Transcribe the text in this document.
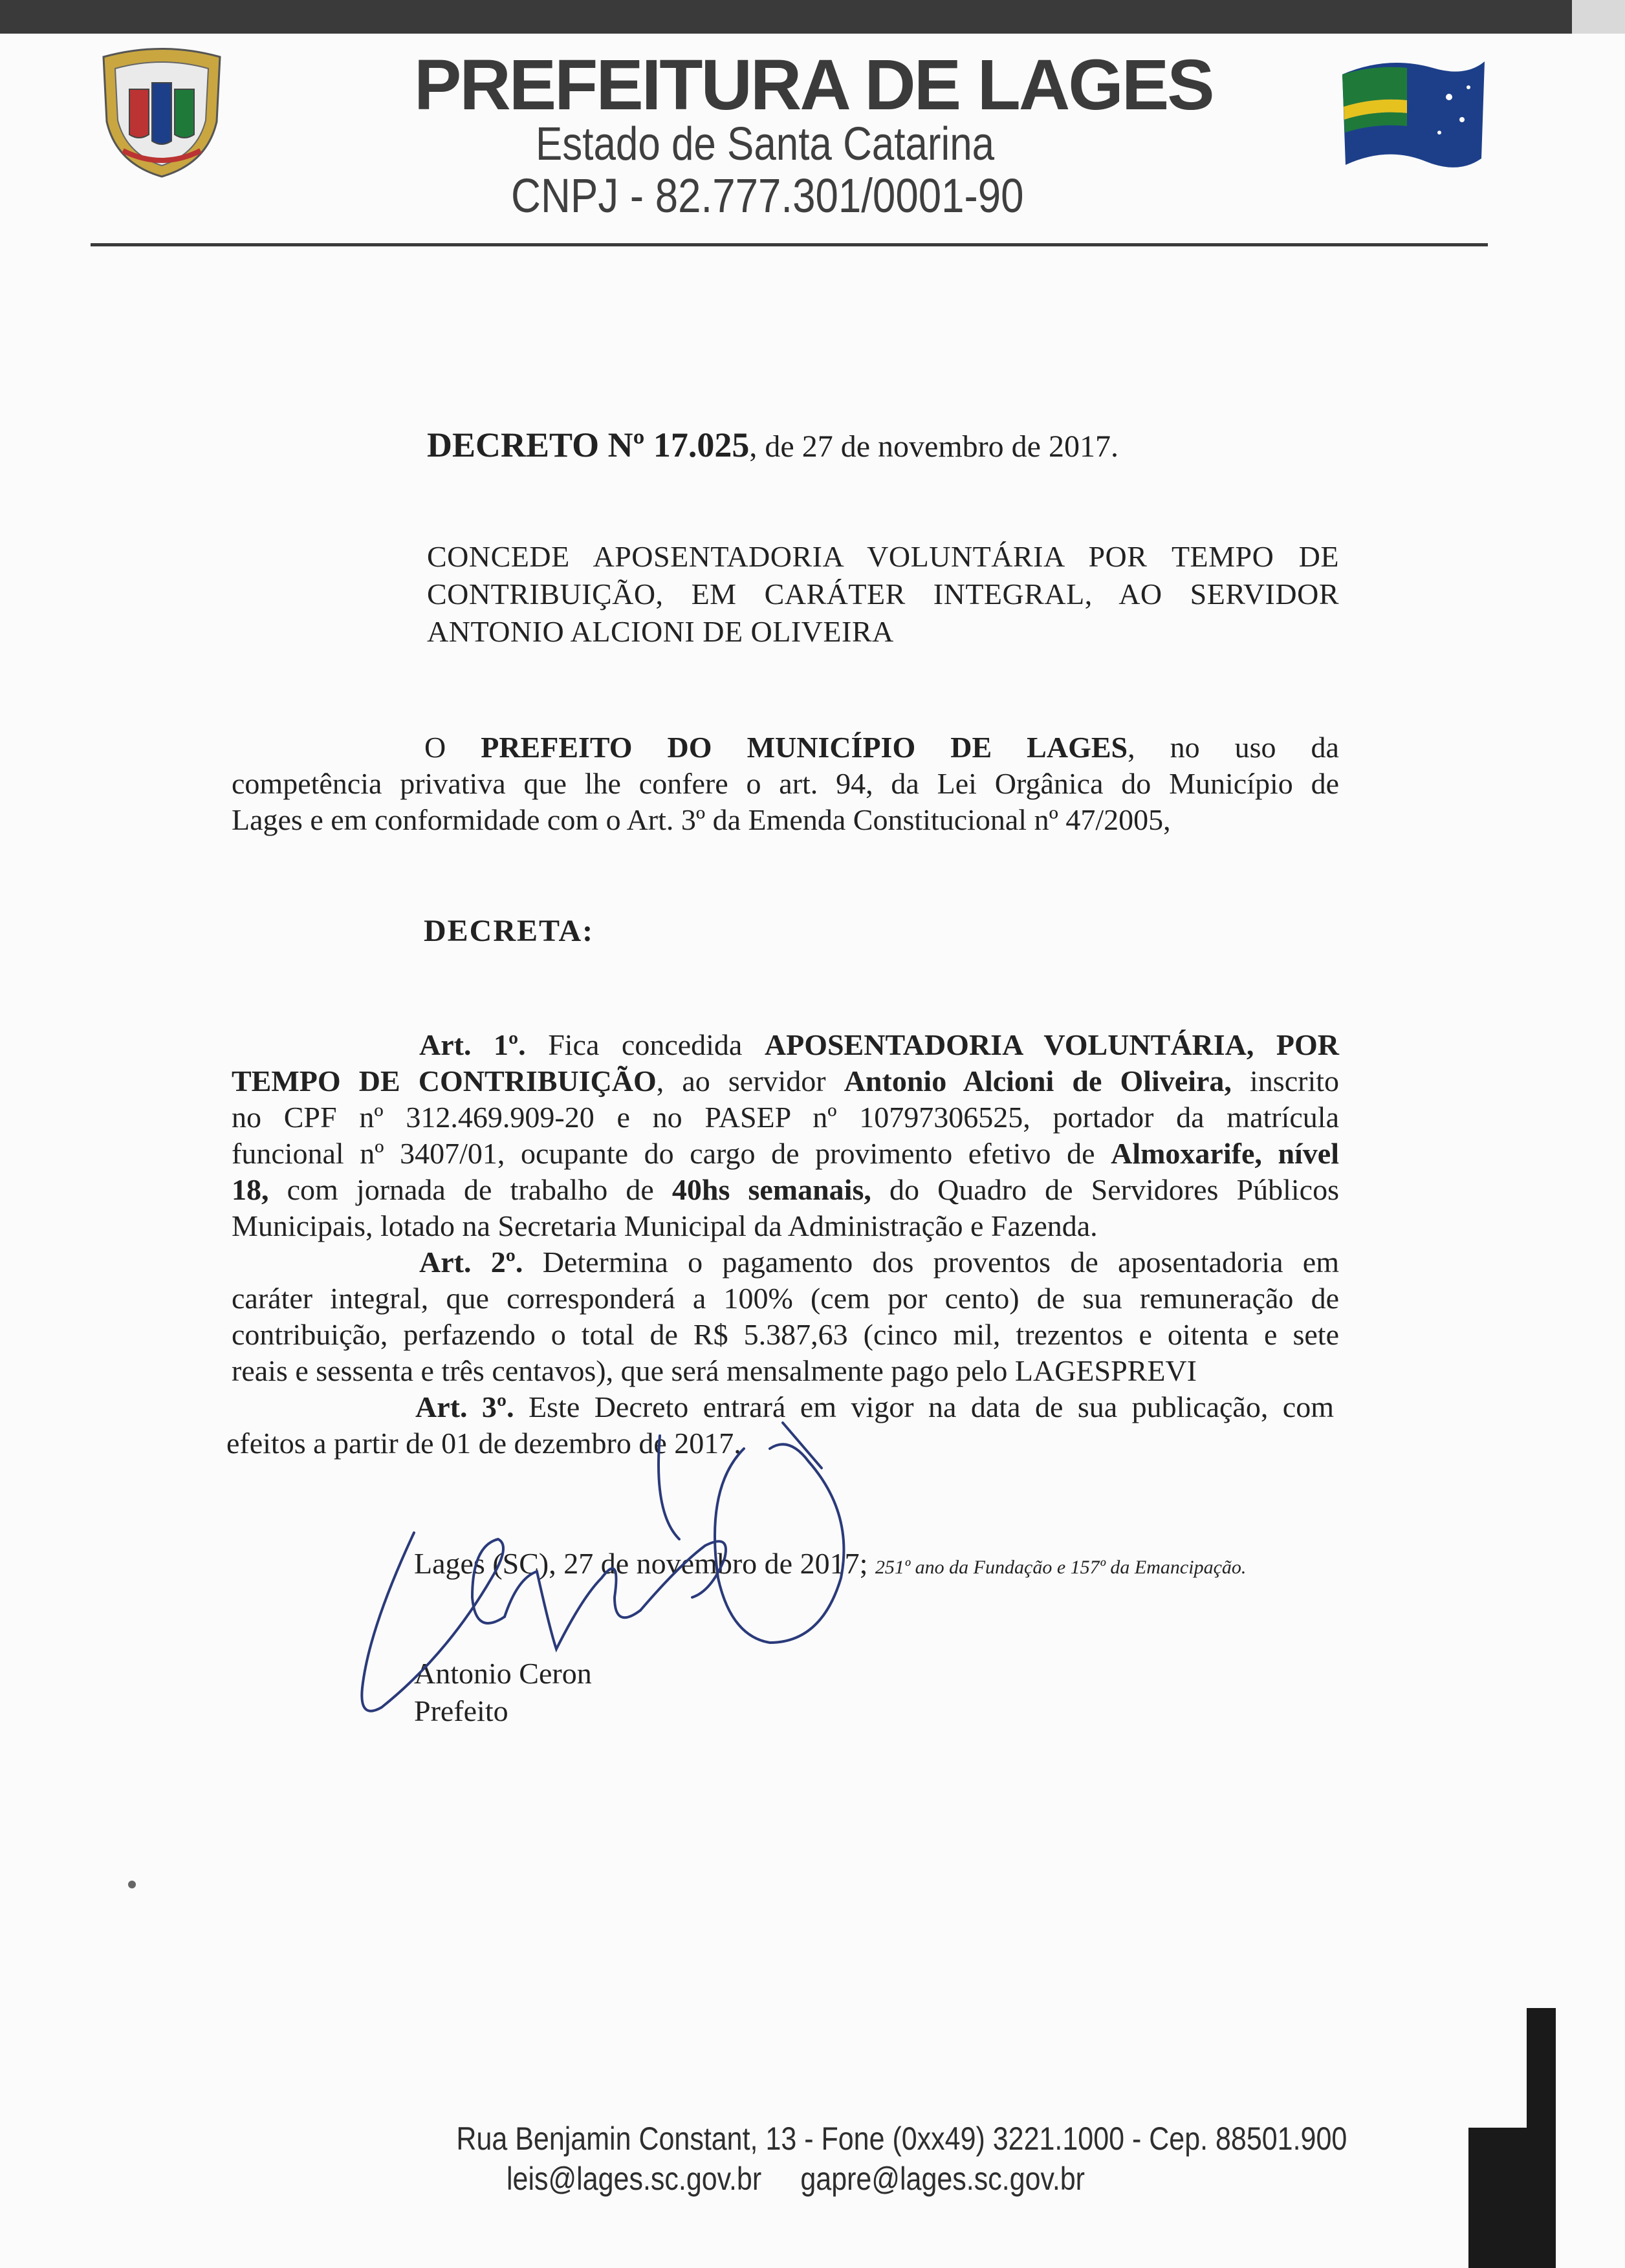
PREFEITURA DE LAGES
Estado de Santa Catarina
CNPJ - 82.777.301/0001-90
DECRETO Nº 17.025, de 27 de novembro de 2017.
CONCEDE APOSENTADORIA VOLUNTÁRIA POR TEMPO DE
CONTRIBUIÇÃO, EM CARÁTER INTEGRAL, AO SERVIDOR
ANTONIO ALCIONI DE OLIVEIRA
O PREFEITO DO MUNICÍPIO DE LAGES, no uso da
competência privativa que lhe confere o art. 94, da Lei Orgânica do Município de
Lages e em conformidade com o Art. 3º da Emenda Constitucional nº 47/2005,
DECRETA:
Art. 1º. Fica concedida APOSENTADORIA VOLUNTÁRIA, POR
TEMPO DE CONTRIBUIÇÃO, ao servidor Antonio Alcioni de Oliveira, inscrito
no CPF nº 312.469.909-20 e no PASEP nº 10797306525, portador da matrícula
funcional nº 3407/01, ocupante do cargo de provimento efetivo de Almoxarife, nível
18, com jornada de trabalho de 40hs semanais, do Quadro de Servidores Públicos
Municipais, lotado na Secretaria Municipal da Administração e Fazenda.
Art. 2º. Determina o pagamento dos proventos de aposentadoria em
caráter integral, que corresponderá a 100% (cem por cento) de sua remuneração de
contribuição, perfazendo o total de R$ 5.387,63 (cinco mil, trezentos e oitenta e sete
reais e sessenta e três centavos), que será mensalmente pago pelo LAGESPREVI
Art. 3º. Este Decreto entrará em vigor na data de sua publicação, com
efeitos a partir de 01 de dezembro de 2017.
Lages (SC), 27 de novembro de 2017; 251º ano da Fundação e 157º da Emancipação.
Antonio Ceron
Prefeito
Rua Benjamin Constant, 13 - Fone (0xx49) 3221.1000 - Cep. 88501.900
leis@lages.sc.gov.br gapre@lages.sc.gov.br
